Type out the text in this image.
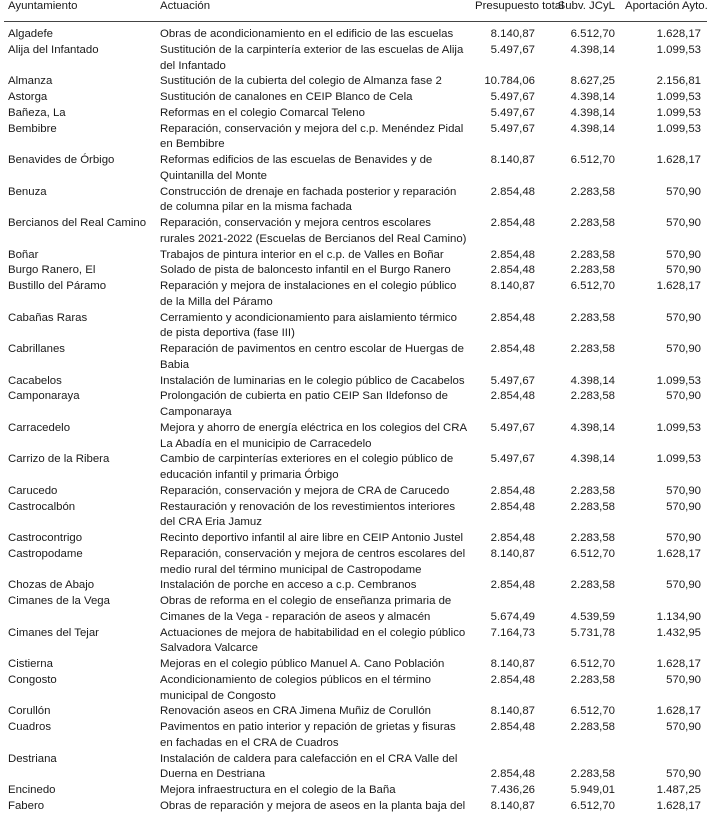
Ayuntamiento	Actuación	Presupuesto total	Subv. JCyL	Aportación Ayto.
Algadefe	Obras de acondicionamiento en el edificio de las escuelas	8.140,87	6.512,70	1.628,17
Alija del Infantado	Sustitución de la carpintería exterior de las escuelas de Alija del Infantado	5.497,67	4.398,14	1.099,53
Almanza	Sustitución de la cubierta del colegio de Almanza fase 2	10.784,06	8.627,25	2.156,81
Astorga	Sustitución de canalones en CEIP Blanco de Cela	5.497,67	4.398,14	1.099,53
Bañeza, La	Reformas en el colegio Comarcal Teleno	5.497,67	4.398,14	1.099,53
Bembibre	Reparación, conservación y mejora del c.p. Menéndez Pidal en Bembibre	5.497,67	4.398,14	1.099,53
Benavides de Órbigo	Reformas edificios de las escuelas de Benavides y de Quintanilla del Monte	8.140,87	6.512,70	1.628,17
Benuza	Construcción de drenaje en fachada posterior y reparación de columna pilar en la misma fachada	2.854,48	2.283,58	570,90
Bercianos del Real Camino	Reparación, conservación y mejora centros escolares rurales 2021-2022 (Escuelas de Bercianos del Real Camino)	2.854,48	2.283,58	570,90
Boñar	Trabajos de pintura interior en el c.p. de Valles en Boñar	2.854,48	2.283,58	570,90
Burgo Ranero, El	Solado de pista de baloncesto infantil en el Burgo Ranero	2.854,48	2.283,58	570,90
Bustillo del Páramo	Reparación y mejora de instalaciones en el colegio público de la Milla del Páramo	8.140,87	6.512,70	1.628,17
Cabañas Raras	Cerramiento y acondicionamiento para aislamiento térmico de pista deportiva (fase III)	2.854,48	2.283,58	570,90
Cabrillanes	Reparación de pavimentos en centro escolar de Huergas de Babia	2.854,48	2.283,58	570,90
Cacabelos	Instalación de luminarias en le colegio público de Cacabelos	5.497,67	4.398,14	1.099,53
Camponaraya	Prolongación de cubierta en patio CEIP San Ildefonso de Camponaraya	2.854,48	2.283,58	570,90
Carracedelo	Mejora y ahorro de energía eléctrica en los colegios del CRA La Abadía en el municipio de Carracedelo	5.497,67	4.398,14	1.099,53
Carrizo de la Ribera	Cambio de carpinterías exteriores en el colegio público de educación infantil y primaria Órbigo	5.497,67	4.398,14	1.099,53
Carucedo	Reparación, conservación y mejora de CRA de Carucedo	2.854,48	2.283,58	570,90
Castrocalbón	Restauración y renovación de los revestimientos interiores del CRA Eria Jamuz	2.854,48	2.283,58	570,90
Castrocontrigo	Recinto deportivo infantil al aire libre en CEIP Antonio Justel	2.854,48	2.283,58	570,90
Castropodame	Reparación, conservación y mejora de centros escolares del medio rural del término municipal de Castropodame	8.140,87	6.512,70	1.628,17
Chozas de Abajo	Instalación de porche en acceso a c.p. Cembranos	2.854,48	2.283,58	570,90
Cimanes de la Vega	Obras de reforma en el colegio de enseñanza primaria de Cimanes de la Vega - reparación de aseos y almacén	5.674,49	4.539,59	1.134,90
Cimanes del Tejar	Actuaciones de mejora de habitabilidad en el colegio público Salvadora Valcarce	7.164,73	5.731,78	1.432,95
Cistierna	Mejoras en el colegio público Manuel A. Cano Población	8.140,87	6.512,70	1.628,17
Congosto	Acondicionamiento de colegios públicos en el término municipal de Congosto	2.854,48	2.283,58	570,90
Corullón	Renovación aseos en CRA Jimena Muñiz de Corullón	8.140,87	6.512,70	1.628,17
Cuadros	Pavimentos en patio interior y repación de grietas y fisuras en fachadas en el CRA de Cuadros	2.854,48	2.283,58	570,90
Destriana	Instalación de caldera para calefacción en el CRA Valle del Duerna en Destriana	2.854,48	2.283,58	570,90
Encinedo	Mejora infraestructura en el colegio de la Baña	7.436,26	5.949,01	1.487,25
Fabero	Obras de reparación y mejora de aseos en la planta baja del	8.140,87	6.512,70	1.628,17
